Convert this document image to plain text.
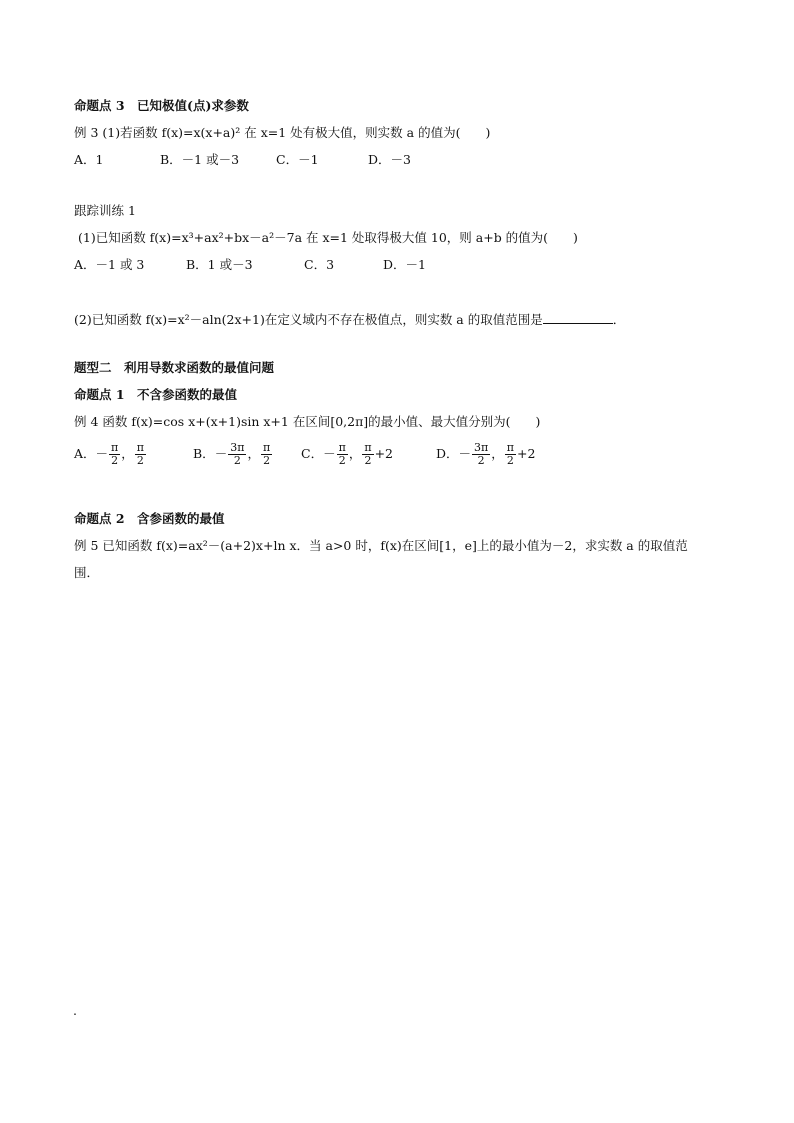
命题点 3　已知极值(点)求参数
例 3 (1)若函数 f(x)=x(x+a)² 在 x=1 处有极大值，则实数 a 的值为(　　)
A．1	B．－1 或－3	C．－1	D．－3
跟踪训练 1
(1)已知函数 f(x)=x³+ax²+bx－a²－7a 在 x=1 处取得极大值 10，则 a+b 的值为(　　)
A．－1 或 3	B．1 或－3	C．3	D．－1
(2)已知函数 f(x)=x²－aln(2x+1)在定义域内不存在极值点，则实数 a 的取值范围是	．
题型二　利用导数求函数的最值问题
命题点 1　不含参函数的最值
例 4 函数 f(x)=cos x+(x+1)sin x+1 在区间[0,2π]的最小值、最大值分别为(　　)
A．－ $\frac{\pi}{2}$ ， $\frac{\pi}{2}$	B．－ $\frac{3\pi}{2}$ ， $\frac{\pi}{2}$ C．－ $\frac{\pi}{2}$ ， $\frac{\pi}{2} +2$	D．－ $\frac{3\pi}{2}$ ， $\frac{\pi}{2} +2$
命题点 2　含参函数的最值
例 5 已知函数 f(x)=ax²－(a+2)x+ln x．当 a>0 时，f(x)在区间[1，e]上的最小值为－2，求实数 a 的取值范
围．
.
